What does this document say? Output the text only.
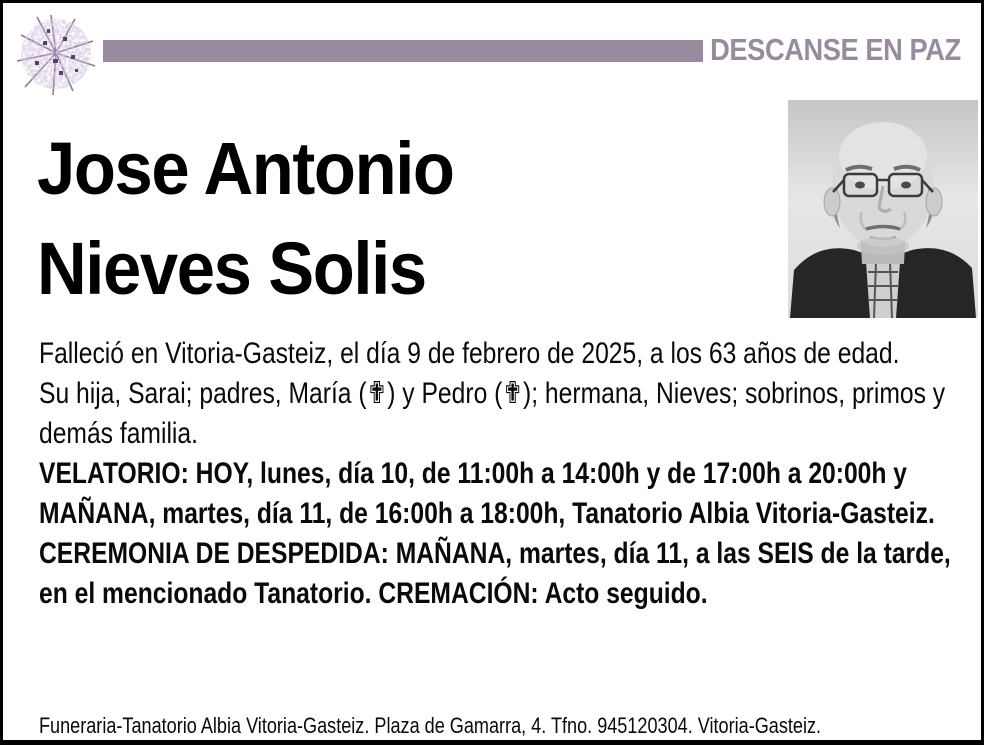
DESCANSE EN PAZ
Jose Antonio
Nieves Solis

Falleció en Vitoria-Gasteiz, el día 9 de febrero de 2025, a los 63 años de edad.

Su hija, Sarai; padres, María (✟) y Pedro (✟); hermana, Nieves; sobrinos, primos y demás familia.

VELATORIO: HOY, lunes, día 10, de 11:00h a 14:00h y de 17:00h a 20:00h y MAÑANA, martes, día 11, de 16:00h a 18:00h, Tanatorio Albia Vitoria-Gasteiz.

CEREMONIA DE DESPEDIDA: MAÑANA, martes, día 11, a las SEIS de la tarde, en el mencionado Tanatorio. CREMACIÓN: Acto seguido.

Funeraria-Tanatorio Albia Vitoria-Gasteiz. Plaza de Gamarra, 4. Tfno. 945120304. Vitoria-Gasteiz.
